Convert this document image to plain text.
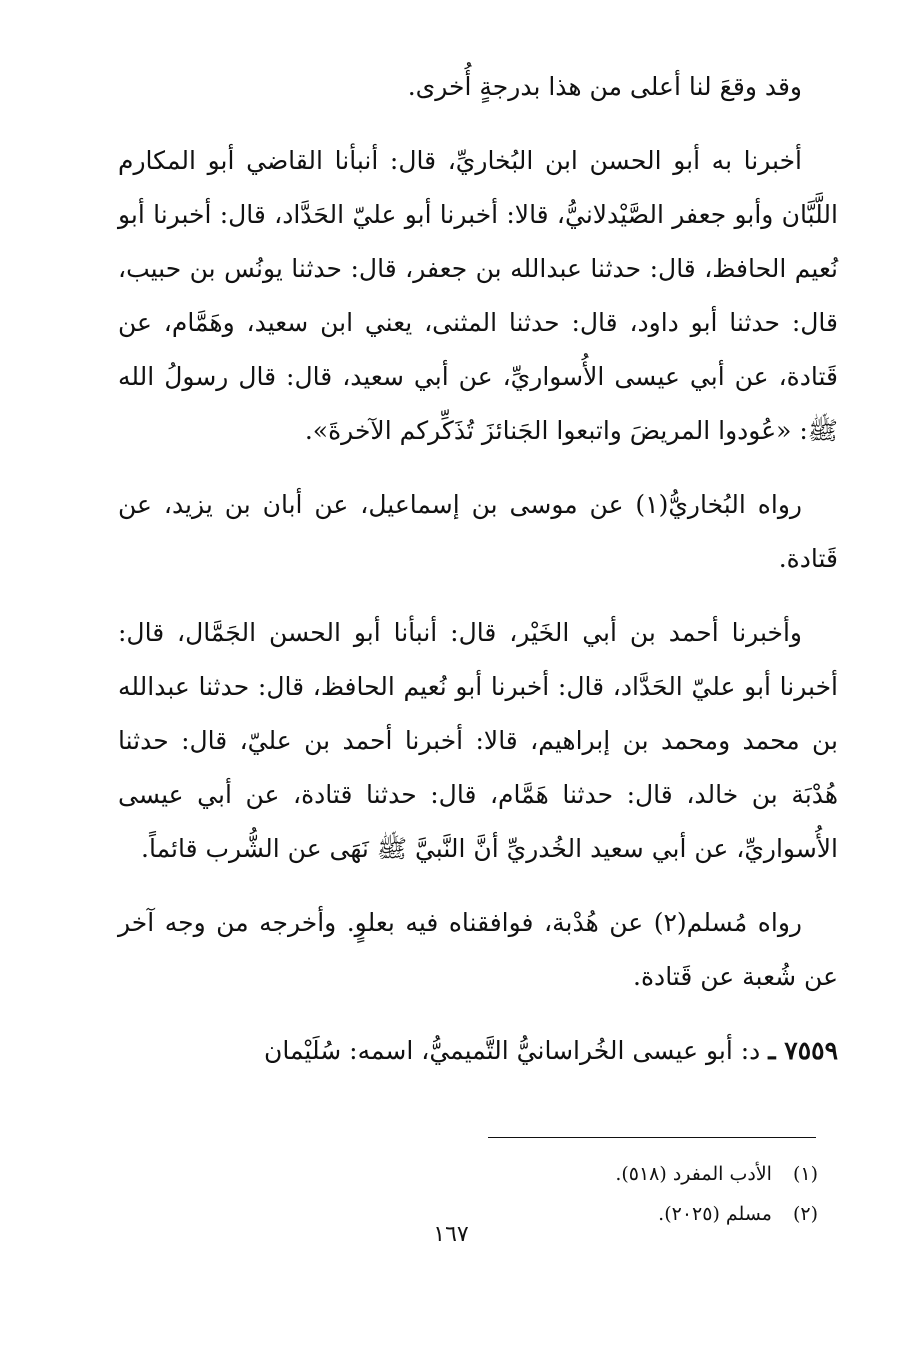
وقد وقعَ لنا أعلى من هذا بدرجةٍ أُخرى.

أخبرنا به أبو الحسن ابن البُخاريِّ، قال: أنبأنا القاضي أبو المكارم اللَّبَّان وأبو جعفر الصَّيْدلانيُّ، قالا: أخبرنا أبو عليّ الحَدَّاد، قال: أخبرنا أبو نُعيم الحافظ، قال: حدثنا عبدالله بن جعفر، قال: حدثنا يونُس بن حبيب، قال: حدثنا أبو داود، قال: حدثنا المثنى، يعني ابن سعيد، وهَمَّام، عن قَتادة، عن أبي عيسى الأُسواريِّ، عن أبي سعيد، قال: قال رسولُ الله ﷺ: «عُودوا المريضَ واتبعوا الجَنائزَ تُذَكِّركم الآخرةَ».

رواه البُخاريُّ(١) عن موسى بن إسماعيل، عن أبان بن يزيد، عن قَتادة.

وأخبرنا أحمد بن أبي الخَيْر، قال: أنبأنا أبو الحسن الجَمَّال، قال: أخبرنا أبو عليّ الحَدَّاد، قال: أخبرنا أبو نُعيم الحافظ، قال: حدثنا عبدالله بن محمد ومحمد بن إبراهيم، قالا: أخبرنا أحمد بن عليّ، قال: حدثنا هُدْبَة بن خالد، قال: حدثنا هَمَّام، قال: حدثنا قتادة، عن أبي عيسى الأُسواريِّ، عن أبي سعيد الخُدريِّ أنَّ النَّبيَّ ﷺ نَهَى عن الشُّرب قائماً.

رواه مُسلم(٢) عن هُدْبة، فوافقناه فيه بعلوٍ. وأخرجه من وجه آخر عن شُعبة عن قَتادة.

٧٥٥٩ ـ د: أبو عيسى الخُراسانيُّ التَّميميُّ، اسمه: سُلَيْمان

(١) الأدب المفرد (٥١٨).
(٢) مسلم (٢٠٢٥).
١٦٧
